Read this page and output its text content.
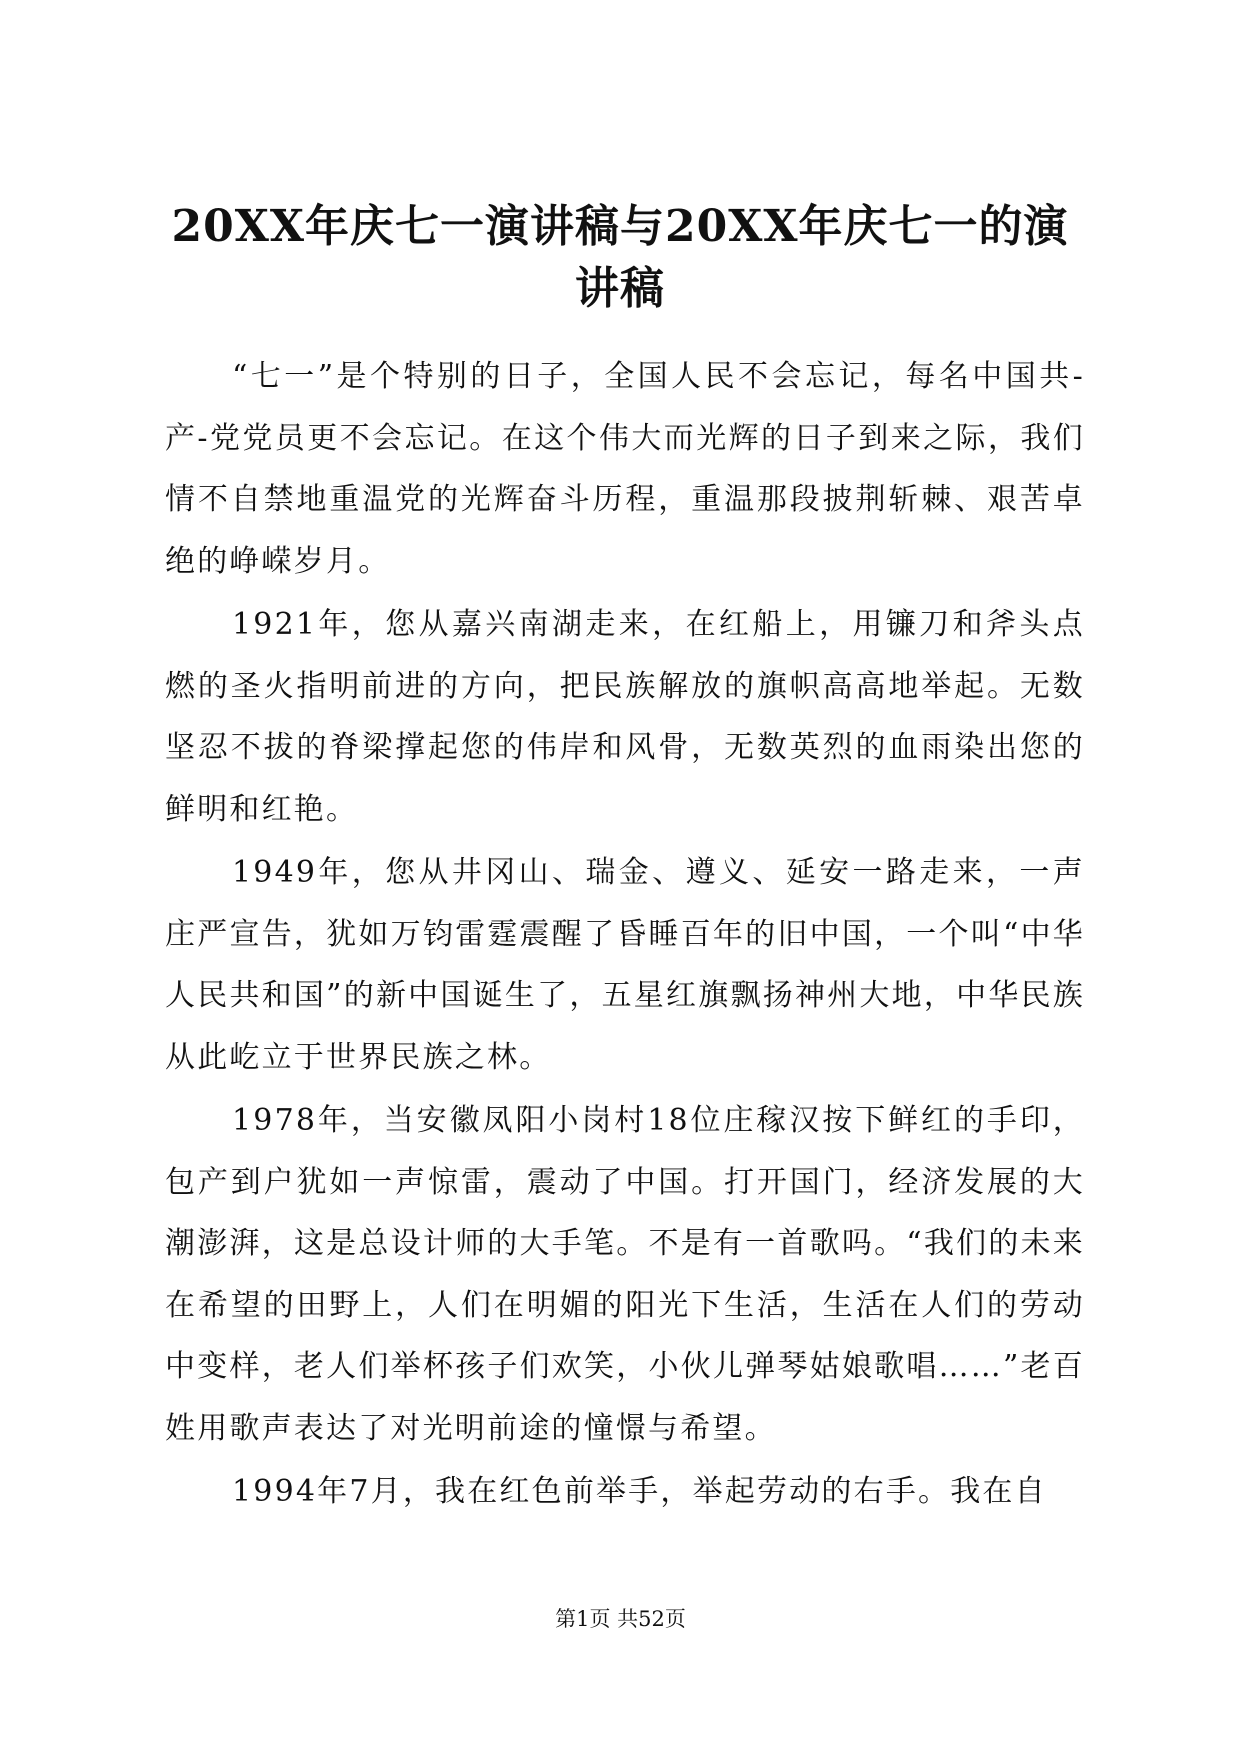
20XX年庆七一演讲稿与20XX年庆七一的演讲稿

“七一”是个特别的日子，全国人民不会忘记，每名中国共-产-党党员更不会忘记。在这个伟大而光辉的日子到来之际，我们情不自禁地重温党的光辉奋斗历程，重温那段披荆斩棘、艰苦卓绝的峥嵘岁月。

1921年，您从嘉兴南湖走来，在红船上，用镰刀和斧头点燃的圣火指明前进的方向，把民族解放的旗帜高高地举起。无数坚忍不拔的脊梁撑起您的伟岸和风骨，无数英烈的血雨染出您的鲜明和红艳。

1949年，您从井冈山、瑞金、遵义、延安一路走来，一声庄严宣告，犹如万钧雷霆震醒了昏睡百年的旧中国，一个叫“中华人民共和国”的新中国诞生了，五星红旗飘扬神州大地，中华民族从此屹立于世界民族之林。

1978年，当安徽凤阳小岗村18位庄稼汉按下鲜红的手印，包产到户犹如一声惊雷，震动了中国。打开国门，经济发展的大潮澎湃，这是总设计师的大手笔。不是有一首歌吗。“我们的未来在希望的田野上，人们在明媚的阳光下生活，生活在人们的劳动中变样，老人们举杯孩子们欢笑，小伙儿弹琴姑娘歌唱……”老百姓用歌声表达了对光明前途的憧憬与希望。

1994年7月，我在红色前举手，举起劳动的右手。我在自

第1页 共52页
